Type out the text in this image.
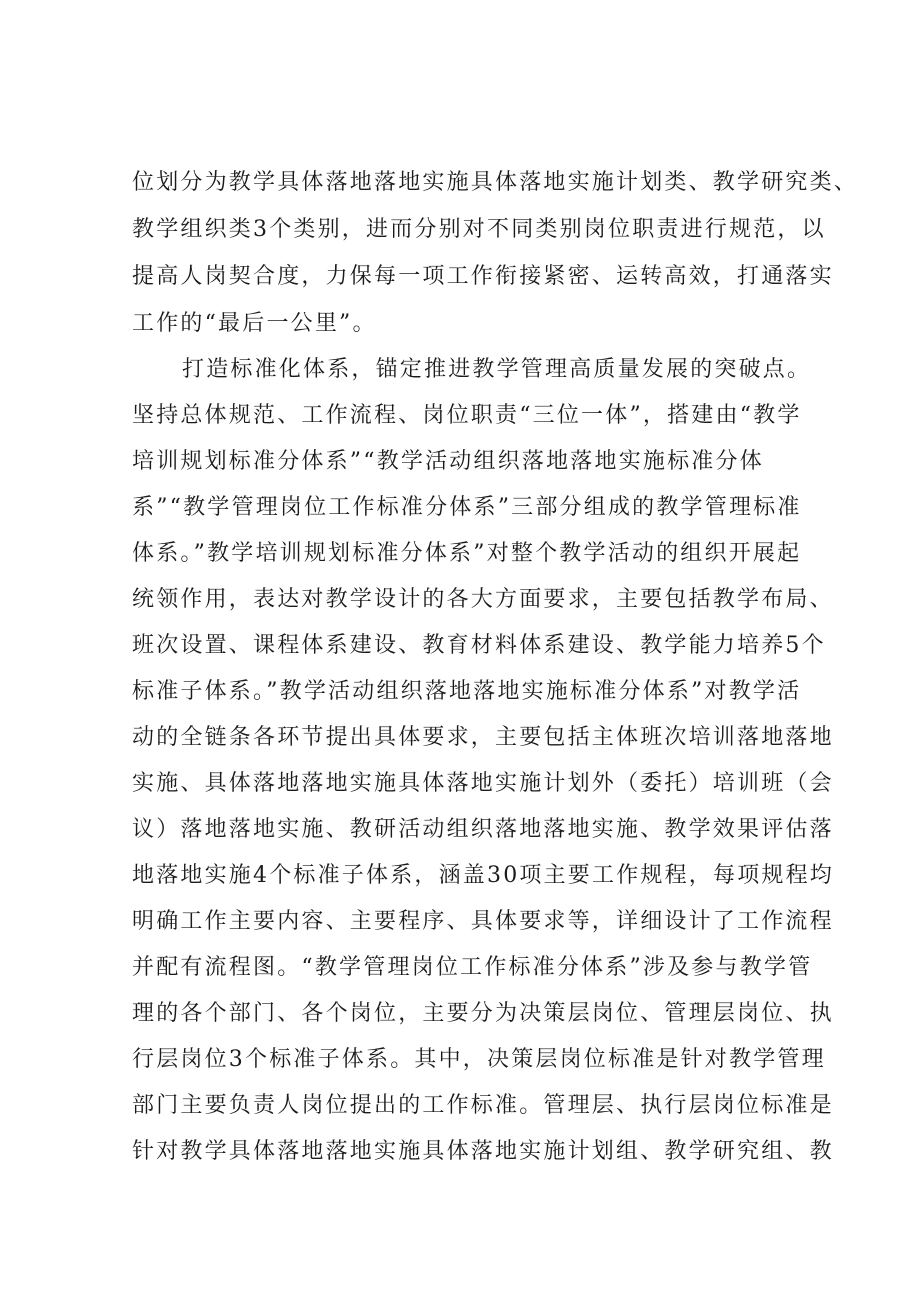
位划分为教学具体落地落地实施具体落地实施计划类、教学研究类、
教学组织类3个类别，进而分别对不同类别岗位职责进行规范，以
提高人岗契合度，力保每一项工作衔接紧密、运转高效，打通落实
工作的“最后一公里”。
打造标准化体系，锚定推进教学管理高质量发展的突破点。
坚持总体规范、工作流程、岗位职责“三位一体”，搭建由“教学
培训规划标准分体系”“教学活动组织落地落地实施标准分体
系”“教学管理岗位工作标准分体系”三部分组成的教学管理标准
体系。”教学培训规划标准分体系”对整个教学活动的组织开展起
统领作用，表达对教学设计的各大方面要求，主要包括教学布局、
班次设置、课程体系建设、教育材料体系建设、教学能力培养5个
标准子体系。”教学活动组织落地落地实施标准分体系”对教学活
动的全链条各环节提出具体要求，主要包括主体班次培训落地落地
实施、具体落地落地实施具体落地实施计划外（委托）培训班（会
议）落地落地实施、教研活动组织落地落地实施、教学效果评估落
地落地实施4个标准子体系，涵盖30项主要工作规程，每项规程均
明确工作主要内容、主要程序、具体要求等，详细设计了工作流程
并配有流程图。“教学管理岗位工作标准分体系”涉及参与教学管
理的各个部门、各个岗位，主要分为决策层岗位、管理层岗位、执
行层岗位3个标准子体系。其中，决策层岗位标准是针对教学管理
部门主要负责人岗位提出的工作标准。管理层、执行层岗位标准是
针对教学具体落地落地实施具体落地实施计划组、教学研究组、教
